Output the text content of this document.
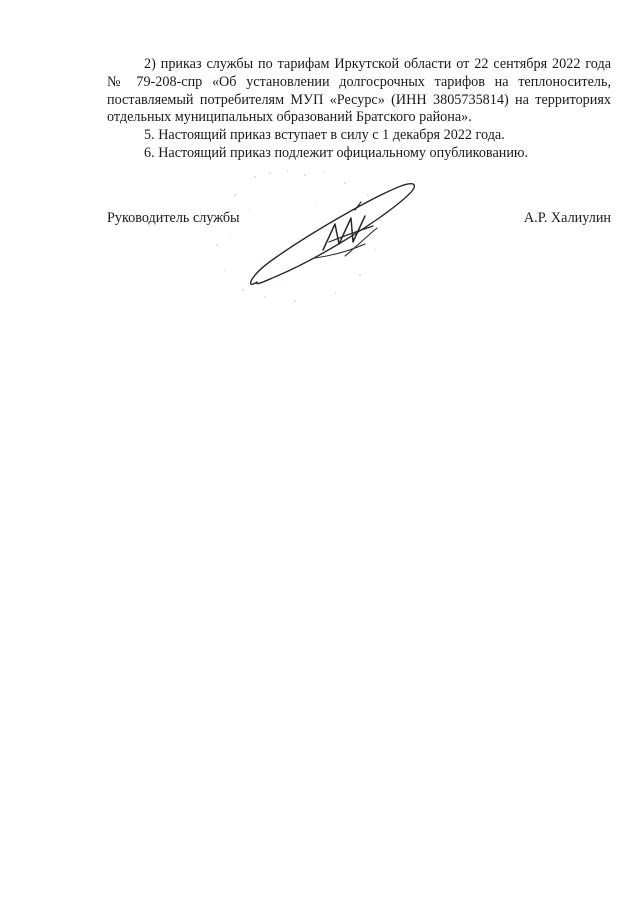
2) приказ службы по тарифам Иркутской области от 22 сентября 2022 года № 79-208-спр «Об установлении долгосрочных тарифов на теплоноситель, поставляемый потребителям МУП «Ресурс» (ИНН 3805735814) на территориях отдельных муниципальных образований Братского района».

5. Настоящий приказ вступает в силу с 1 декабря 2022 года.

6. Настоящий приказ подлежит официальному опубликованию.

Руководитель службы	А.Р. Халиулин
